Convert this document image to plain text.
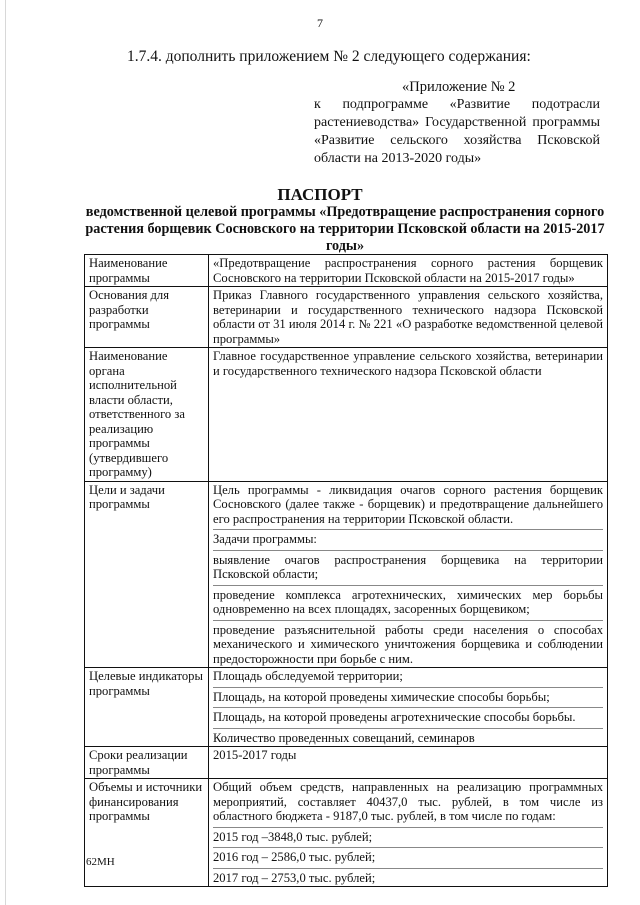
7
1.7.4. дополнить приложением № 2 следующего содержания:
«Приложение № 2
к подпрограмме «Развитие подотрасли растениеводства» Государственной программы «Развитие сельского хозяйства Псковской области на 2013-2020 годы»
ПАСПОРТ
ведомственной целевой программы «Предотвращение распространения сорного растения борщевик Сосновского на территории Псковской области на 2015-2017 годы»
Наименование программы	«Предотвращение распространения сорного растения борщевик Сосновского на территории Псковской области на 2015-2017 годы»

Основания для разработки программы	Приказ Главного государственного управления сельского хозяйства, ветеринарии и государственного технического надзора Псковской области от 31 июля 2014 г. № 221 «О разработке ведомственной целевой программы»

Наименование органа исполнительной власти области, ответственного за реализацию программы (утвердившего программу)	Главное государственное управление сельского хозяйства, ветеринарии и государственного технического надзора Псковской области

Цели и задачи программы	Цель программы - ликвидация очагов сорного растения борщевик Сосновского (далее также - борщевик) и предотвращение дальнейшего его распространения на территории Псковской области.

Задачи программы:

выявление очагов распространения борщевика на территории Псковской области;

проведение комплекса агротехнических, химических мер борьбы одновременно на всех площадях, засоренных борщевиком;

проведение разъяснительной работы среди населения о способах механического и химического уничтожения борщевика и соблюдении предосторожности при борьбе с ним.

Целевые индикаторы программы	Площадь обследуемой территории;

Площадь, на которой проведены химические способы борьбы;

Площадь, на которой проведены агротехнические способы борьбы.

Количество проведенных совещаний, семинаров

Сроки реализации программы	2015-2017 годы

Объемы и источники финансирования программы	Общий объем средств, направленных на реализацию программных мероприятий, составляет 40437,0 тыс. рублей, в том числе из областного бюджета - 9187,0 тыс. рублей, в том числе по годам:

2015 год –3848,0 тыс. рублей;

2016 год – 2586,0 тыс. рублей;

2017 год – 2753,0 тыс. рублей;

62МН
